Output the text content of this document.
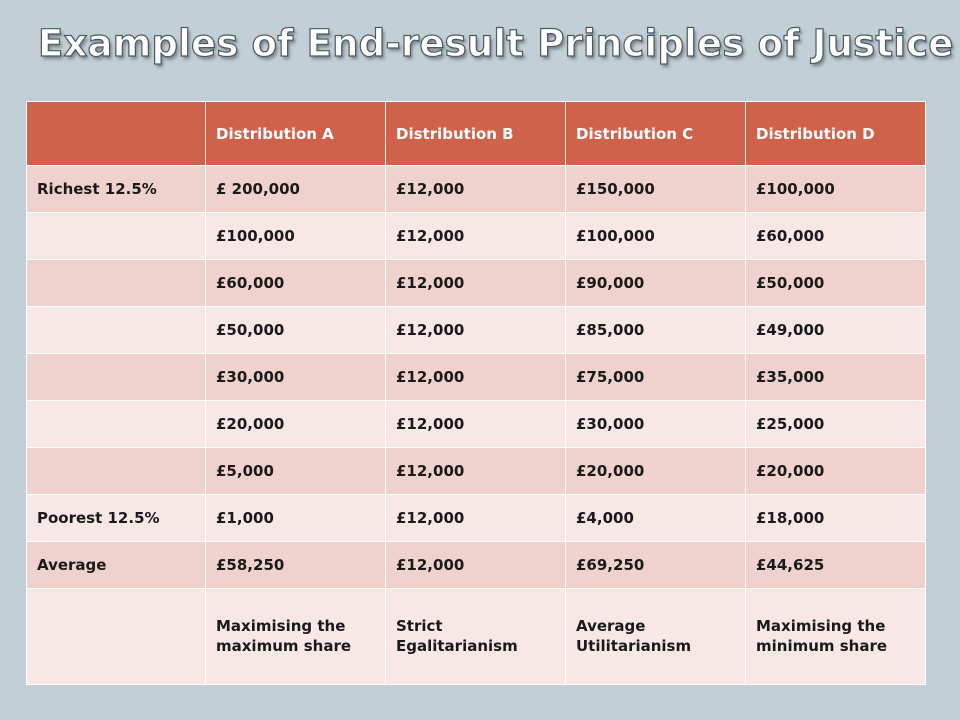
Examples of End-result Principles of Justice
	Distribution A	Distribution B	Distribution C	Distribution D
Richest 12.5%	£ 200,000	£12,000	£150,000	£100,000
	£100,000	£12,000	£100,000	£60,000
	£60,000	£12,000	£90,000	£50,000
	£50,000	£12,000	£85,000	£49,000
	£30,000	£12,000	£75,000	£35,000
	£20,000	£12,000	£30,000	£25,000
	£5,000	£12,000	£20,000	£20,000
Poorest 12.5%	£1,000	£12,000	£4,000	£18,000
Average	£58,250	£12,000	£69,250	£44,625
	Maximising the maximum share	Strict Egalitarianism	Average Utilitarianism	Maximising the minimum share
